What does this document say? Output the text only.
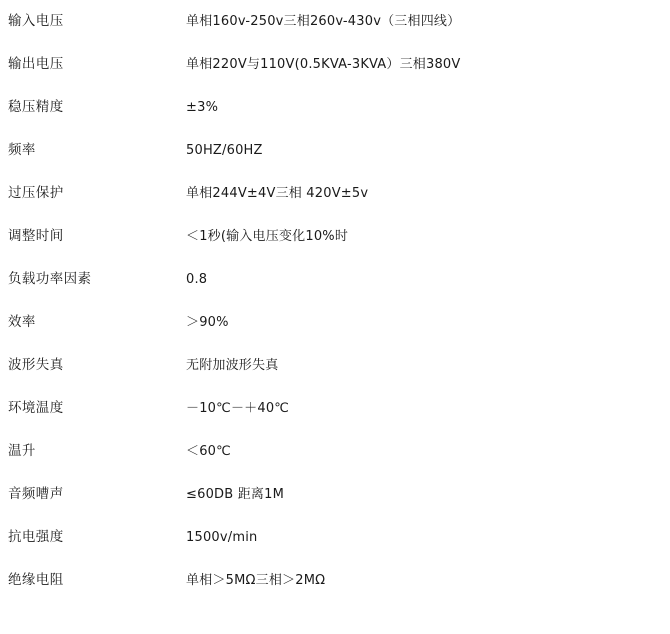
输入电压	单相160v-250v三相260v-430v（三相四线）
输出电压	单相220V与110V(0.5KVA-3KVA）三相380V
稳压精度	±3%
频率	50HZ/60HZ
过压保护	单相244V±4V三相 420V±5v
调整时间	＜1秒(输入电压变化10%时
负载功率因素	0.8
效率	＞90%
波形失真	无附加波形失真
环境温度	－10℃－＋40℃
温升	＜60℃
音频嘈声	≤60DB 距离1M
抗电强度	1500v/min
绝缘电阻	单相＞5MΩ三相＞2MΩ
